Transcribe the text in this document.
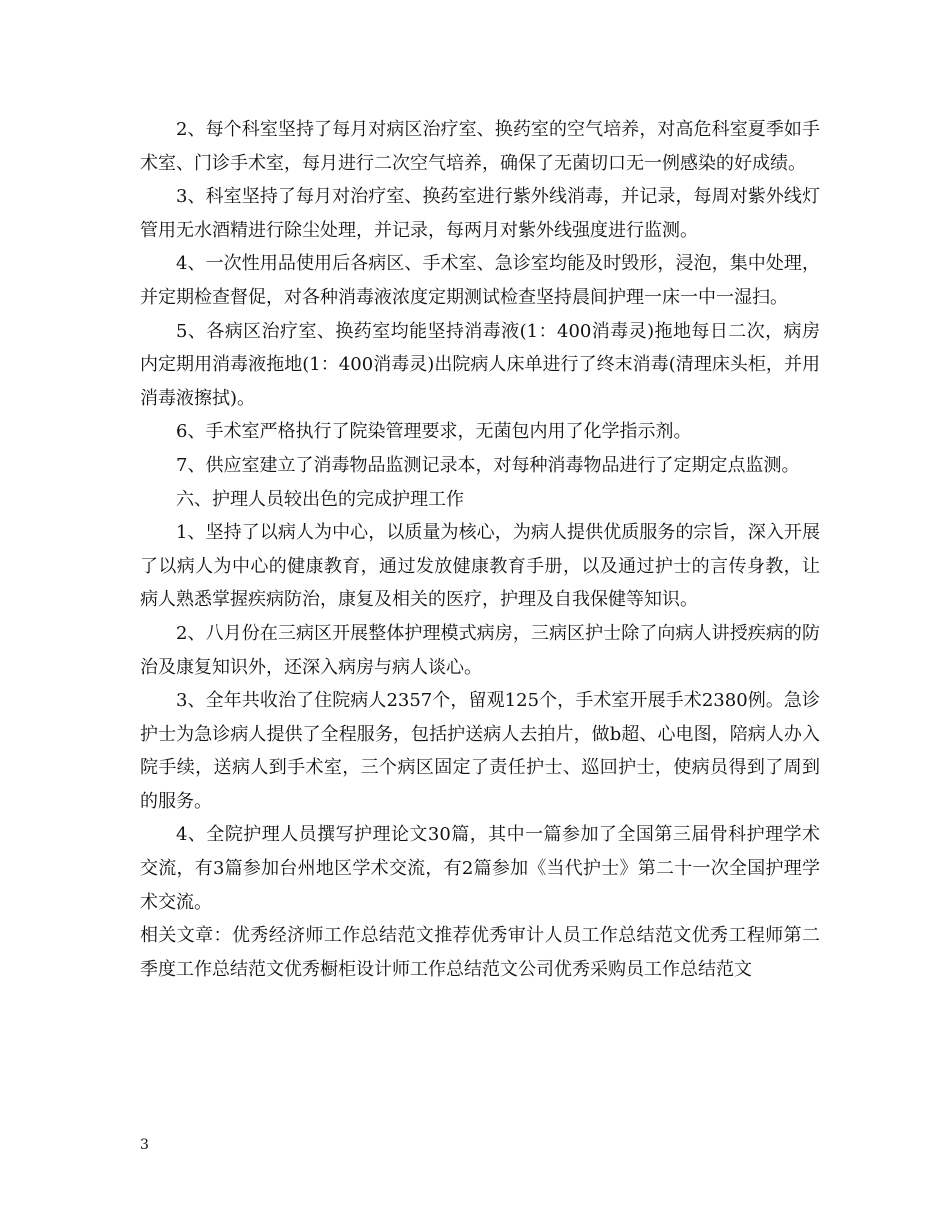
2、每个科室坚持了每月对病区治疗室、换药室的空气培养，对高危科室夏季如手术室、门诊手术室，每月进行二次空气培养，确保了无菌切口无一例感染的好成绩。

3、科室坚持了每月对治疗室、换药室进行紫外线消毒，并记录，每周对紫外线灯管用无水酒精进行除尘处理，并记录，每两月对紫外线强度进行监测。

4、一次性用品使用后各病区、手术室、急诊室均能及时毁形，浸泡，集中处理，并定期检查督促，对各种消毒液浓度定期测试检查坚持晨间护理一床一中一湿扫。

5、各病区治疗室、换药室均能坚持消毒液(1：400消毒灵)拖地每日二次，病房内定期用消毒液拖地(1：400消毒灵)出院病人床单进行了终末消毒(清理床头柜，并用消毒液擦拭)。

6、手术室严格执行了院染管理要求，无菌包内用了化学指示剂。

7、供应室建立了消毒物品监测记录本，对每种消毒物品进行了定期定点监测。

六、护理人员较出色的完成护理工作

1、坚持了以病人为中心，以质量为核心，为病人提供优质服务的宗旨，深入开展了以病人为中心的健康教育，通过发放健康教育手册，以及通过护士的言传身教，让病人熟悉掌握疾病防治，康复及相关的医疗，护理及自我保健等知识。

2、八月份在三病区开展整体护理模式病房，三病区护士除了向病人讲授疾病的防治及康复知识外，还深入病房与病人谈心。

3、全年共收治了住院病人2357个，留观125个，手术室开展手术2380例。急诊护士为急诊病人提供了全程服务，包括护送病人去拍片，做b超、心电图，陪病人办入院手续，送病人到手术室，三个病区固定了责任护士、巡回护士，使病员得到了周到的服务。

4、全院护理人员撰写护理论文30篇，其中一篇参加了全国第三届骨科护理学术交流，有3篇参加台州地区学术交流，有2篇参加《当代护士》第二十一次全国护理学术交流。

相关文章：优秀经济师工作总结范文推荐优秀审计人员工作总结范文优秀工程师第二季度工作总结范文优秀橱柜设计师工作总结范文公司优秀采购员工作总结范文

3
